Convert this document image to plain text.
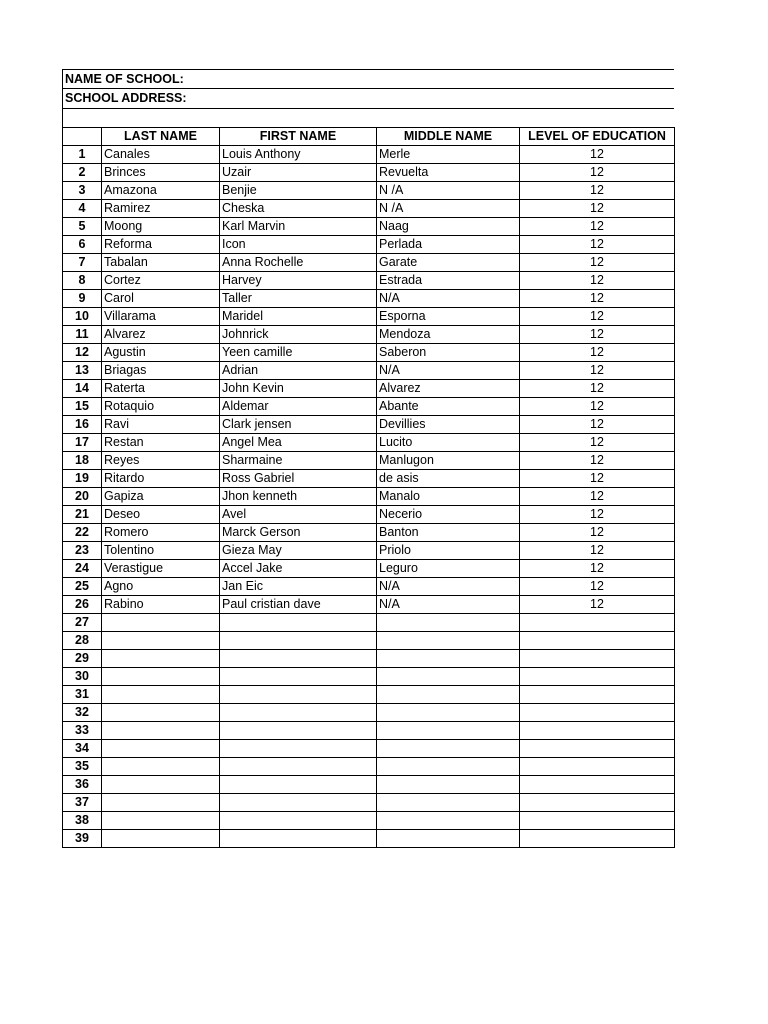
NAME OF SCHOOL:
SCHOOL ADDRESS:
	LAST NAME	FIRST NAME	MIDDLE NAME	LEVEL OF EDUCATION
1	Canales	Louis Anthony	Merle	12
2	Brinces	Uzair	Revuelta	12
3	Amazona	Benjie	N /A	12
4	Ramirez	Cheska	N /A	12
5	Moong	Karl Marvin	Naag	12
6	Reforma	Icon	Perlada	12
7	Tabalan	Anna Rochelle	Garate	12
8	Cortez	Harvey	Estrada	12
9	Carol	Taller	N/A	12
10	Villarama	Maridel	Esporna	12
11	Alvarez	Johnrick	Mendoza	12
12	Agustin	Yeen camille	Saberon	12
13	Briagas	Adrian	N/A	12
14	Raterta	John Kevin	Alvarez	12
15	Rotaquio	Aldemar	Abante	12
16	Ravi	Clark jensen	Devillies	12
17	Restan	Angel Mea	Lucito	12
18	Reyes	Sharmaine	Manlugon	12
19	Ritardo	Ross Gabriel	de asis	12
20	Gapiza	Jhon kenneth	Manalo	12
21	Deseo	Avel	Necerio	12
22	Romero	Marck Gerson	Banton	12
23	Tolentino	Gieza May	Priolo	12
24	Verastigue	Accel Jake	Leguro	12
25	Agno	Jan Eic	N/A	12
26	Rabino	Paul cristian dave	N/A	12
27				
28				
29				
30				
31				
32				
33				
34				
35				
36				
37				
38				
39				
